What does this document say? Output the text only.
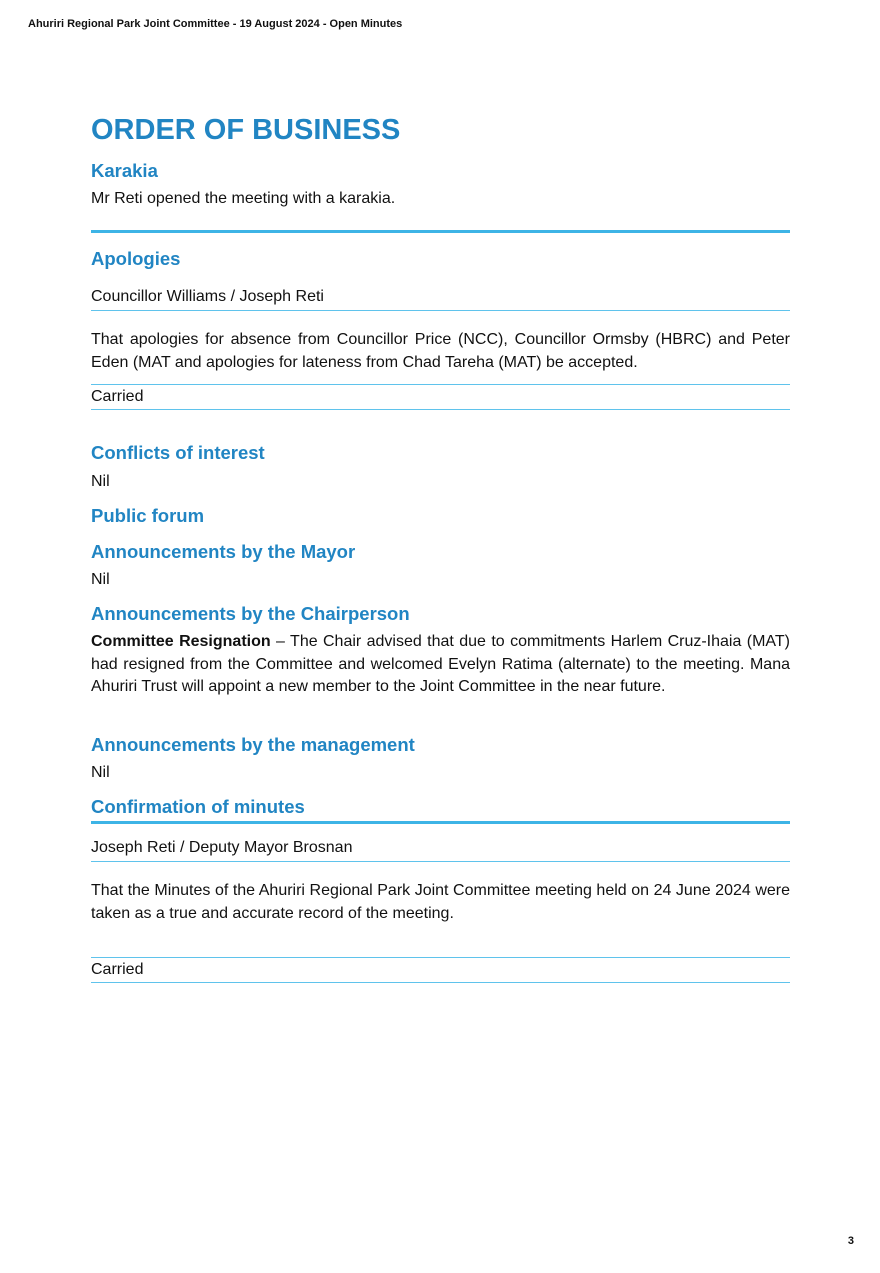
Ahuriri Regional Park Joint Committee - 19 August 2024 - Open Minutes
ORDER OF BUSINESS
Karakia

Mr Reti opened the meeting with a karakia.

Apologies

Councillor Williams / Joseph Reti

That apologies for absence from Councillor Price (NCC), Councillor Ormsby (HBRC) and Peter Eden (MAT and apologies for lateness from Chad Tareha (MAT) be accepted.

Carried

Conflicts of interest

Nil

Public forum
Announcements by the Mayor

Nil

Announcements by the Chairperson

Committee Resignation – The Chair advised that due to commitments Harlem Cruz-Ihaia (MAT) had resigned from the Committee and welcomed Evelyn Ratima (alternate) to the meeting. Mana Ahuriri Trust will appoint a new member to the Joint Committee in the near future.

Announcements by the management

Nil

Confirmation of minutes

Joseph Reti / Deputy Mayor Brosnan

That the Minutes of the Ahuriri Regional Park Joint Committee meeting held on 24 June 2024 were taken as a true and accurate record of the meeting.

Carried

3
